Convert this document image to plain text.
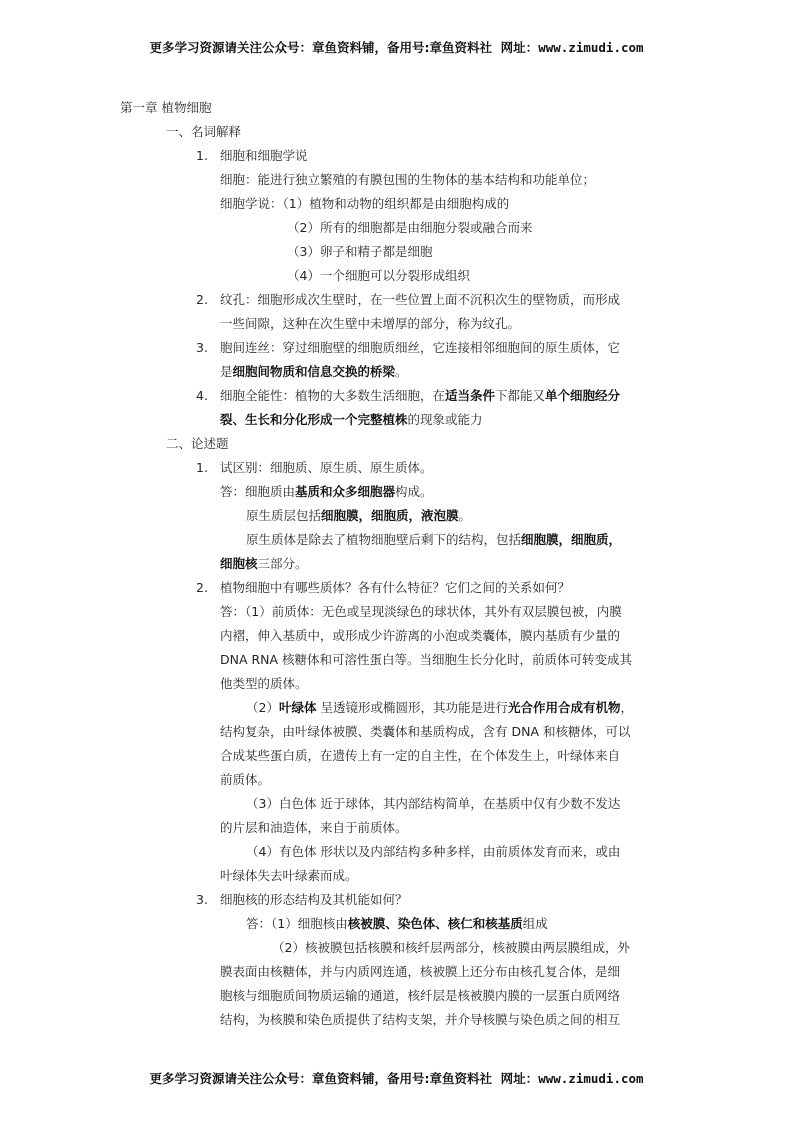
更多学习资源请关注公众号：章鱼资料铺，备用号:章鱼资料社 网址：www.zimudi.com
第一章 植物细胞
一、名词解释
1. 细胞和细胞学说
细胞：能进行独立繁殖的有膜包围的生物体的基本结构和功能单位；
细胞学说：（1）植物和动物的组织都是由细胞构成的
（2）所有的细胞都是由细胞分裂或融合而来
（3）卵子和精子都是细胞
（4）一个细胞可以分裂形成组织
2. 纹孔：细胞形成次生壁时，在一些位置上面不沉积次生的壁物质，而形成
一些间隙，这种在次生壁中未增厚的部分，称为纹孔。
3. 胞间连丝：穿过细胞壁的细胞质细丝，它连接相邻细胞间的原生质体，它
是细胞间物质和信息交换的桥梁。
4. 细胞全能性：植物的大多数生活细胞，在适当条件下都能又单个细胞经分
裂、生长和分化形成一个完整植株的现象或能力
二、论述题
1. 试区别：细胞质、原生质、原生质体。
答：细胞质由基质和众多细胞器构成。
原生质层包括细胞膜，细胞质，液泡膜。
原生质体是除去了植物细胞壁后剩下的结构，包括细胞膜，细胞质，
细胞核三部分。
2. 植物细胞中有哪些质体？各有什么特征？它们之间的关系如何？
答：（1）前质体：无色或呈现淡绿色的球状体，其外有双层膜包被，内膜
内褶，伸入基质中，或形成少许游离的小泡或类囊体，膜内基质有少量的
DNA RNA 核糖体和可溶性蛋白等。当细胞生长分化时，前质体可转变成其
他类型的质体。
（2）叶绿体 呈透镜形或椭圆形，其功能是进行光合作用合成有机物，
结构复杂，由叶绿体被膜、类囊体和基质构成，含有 DNA 和核糖体，可以
合成某些蛋白质，在遗传上有一定的自主性，在个体发生上，叶绿体来自
前质体。
（3）白色体 近于球体，其内部结构简单，在基质中仅有少数不发达
的片层和油造体，来自于前质体。
（4）有色体 形状以及内部结构多种多样，由前质体发育而来，或由
叶绿体失去叶绿素而成。
3. 细胞核的形态结构及其机能如何？
答：（1）细胞核由核被膜、染色体、核仁和核基质组成
（2）核被膜包括核膜和核纤层两部分，核被膜由两层膜组成，外
膜表面由核糖体，并与内质网连通，核被膜上还分布由核孔复合体，是细
胞核与细胞质间物质运输的通道，核纤层是核被膜内膜的一层蛋白质网络
结构，为核膜和染色质提供了结构支架，并介导核膜与染色质之间的相互
更多学习资源请关注公众号：章鱼资料铺，备用号:章鱼资料社 网址：www.zimudi.com
